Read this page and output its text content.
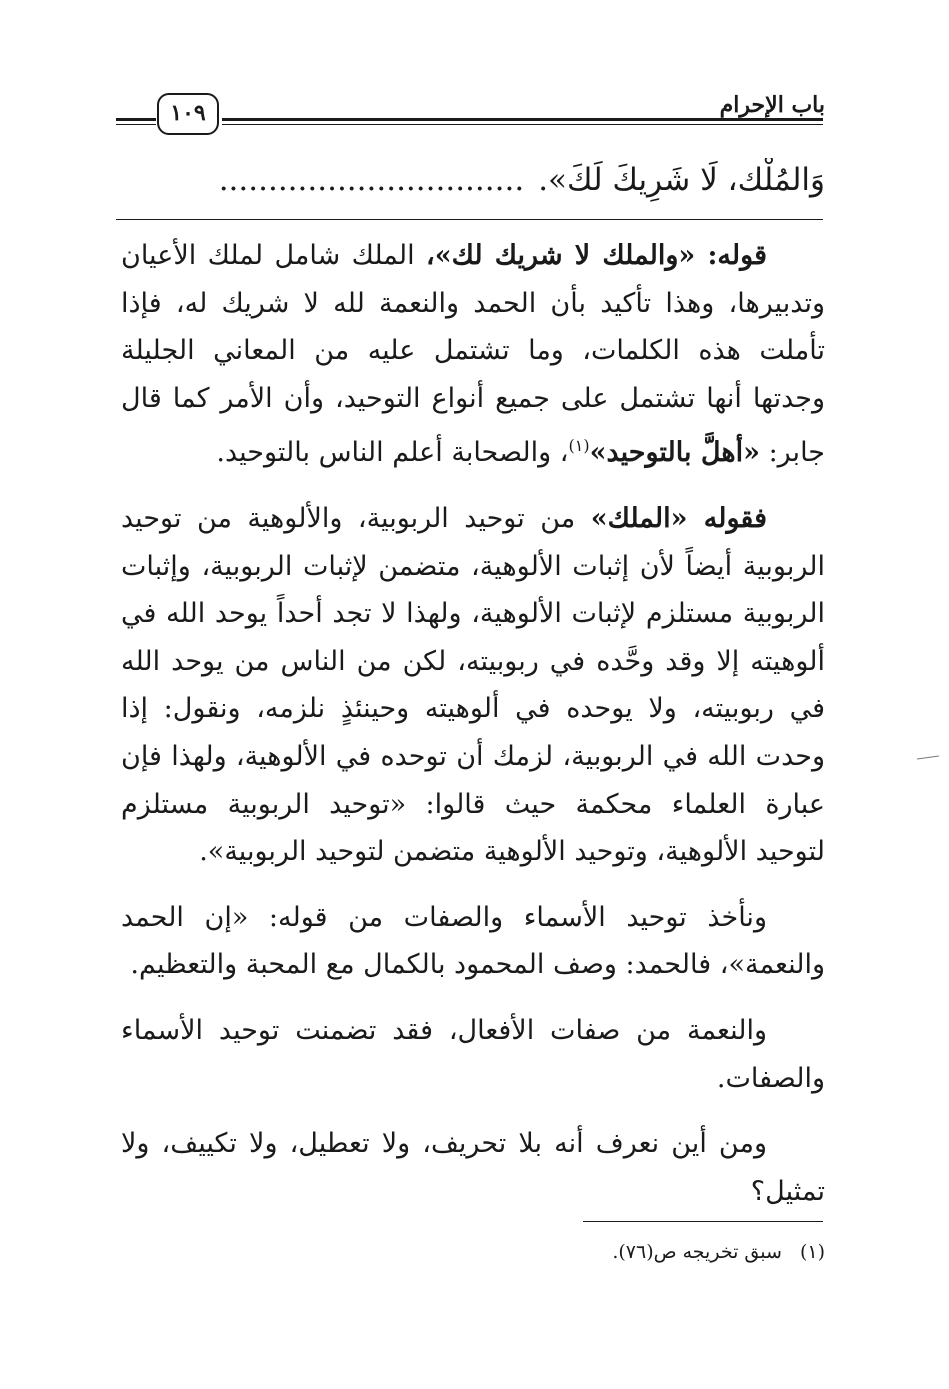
باب الإحرام
١٠٩
وَالمُلْك، لَا شَرِيكَ لَكَ»................................

قوله: «والملك لا شريك لك»، الملك شامل لملك الأعيان وتدبيرها، وهذا تأكيد بأن الحمد والنعمة لله لا شريك له، فإذا تأملت هذه الكلمات، وما تشتمل عليه من المعاني الجليلة وجدتها أنها تشتمل على جميع أنواع التوحيد، وأن الأمر كما قال جابر: «أهلَّ بالتوحيد»$^{(١)}$، والصحابة أعلم الناس بالتوحيد.

فقوله «الملك» من توحيد الربوبية، والألوهية من توحيد الربوبية أيضاً لأن إثبات الألوهية، متضمن لإثبات الربوبية، وإثبات الربوبية مستلزم لإثبات الألوهية، ولهذا لا تجد أحداً يوحد الله في ألوهيته إلا وقد وحَّده في ربوبيته، لكن من الناس من يوحد الله في ربوبيته، ولا يوحده في ألوهيته وحينئذٍ نلزمه، ونقول: إذا وحدت الله في الربوبية، لزمك أن توحده في الألوهية، ولهذا فإن عبارة العلماء محكمة حيث قالوا: «توحيد الربوبية مستلزم لتوحيد الألوهية، وتوحيد الألوهية متضمن لتوحيد الربوبية».

ونأخذ توحيد الأسماء والصفات من قوله: «إن الحمد والنعمة»، فالحمد: وصف المحمود بالكمال مع المحبة والتعظيم.

والنعمة من صفات الأفعال، فقد تضمنت توحيد الأسماء والصفات.

ومن أين نعرف أنه بلا تحريف، ولا تعطيل، ولا تكييف، ولا تمثيل؟

(١)سبق تخريجه ص(٧٦).
